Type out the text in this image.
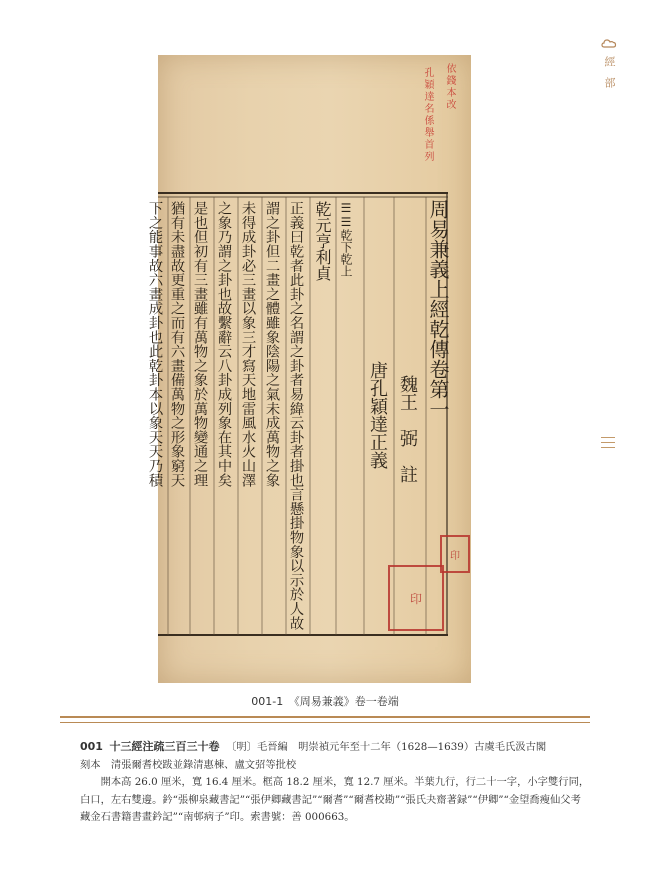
經部
依錢本改
孔穎達名係舉首列
周易兼義上經乾傳卷第一
魏王　弼　註
唐孔穎達正義
☰☰乾下乾上
乾元亨利貞
正義曰乾者此卦之名謂之卦者易緯云卦者掛也言懸掛物象以示於人故
謂之卦但二畫之體雖象陰陽之氣未成萬物之象
未得成卦必三畫以象三才寫天地雷風水火山澤
之象乃謂之卦也故繫辭云八卦成列象在其中矣
是也但初有三畫雖有萬物之象於萬物變通之理
猶有未盡故更重之而有六畫備萬物之形象窮天
下之能事故六畫成卦也此乾卦本以象天天乃積
印
印
001-1　《周易兼義》卷一卷端

001 十三經注疏三百三十卷 〔明〕毛晉編　明崇禎元年至十二年（1628—1639）古虞毛氏汲古閣

刻本　清張爾耆校跋並錄清惠棟、盧文弨等批校

開本高 26.0 厘米，寬 16.4 厘米。框高 18.2 厘米，寬 12.7 厘米。半葉九行，行二十一字，小字雙行同，白口，左右雙邊。鈐“張柳泉藏書記”“張伊卿藏書記”“爾耆”“爾耆校勘”“張氏夬齋著録”“伊卿”“金望喬瘦仙父考藏金石書籍書畫鈐記”“南邨病子”印。索書號：善 000663。
